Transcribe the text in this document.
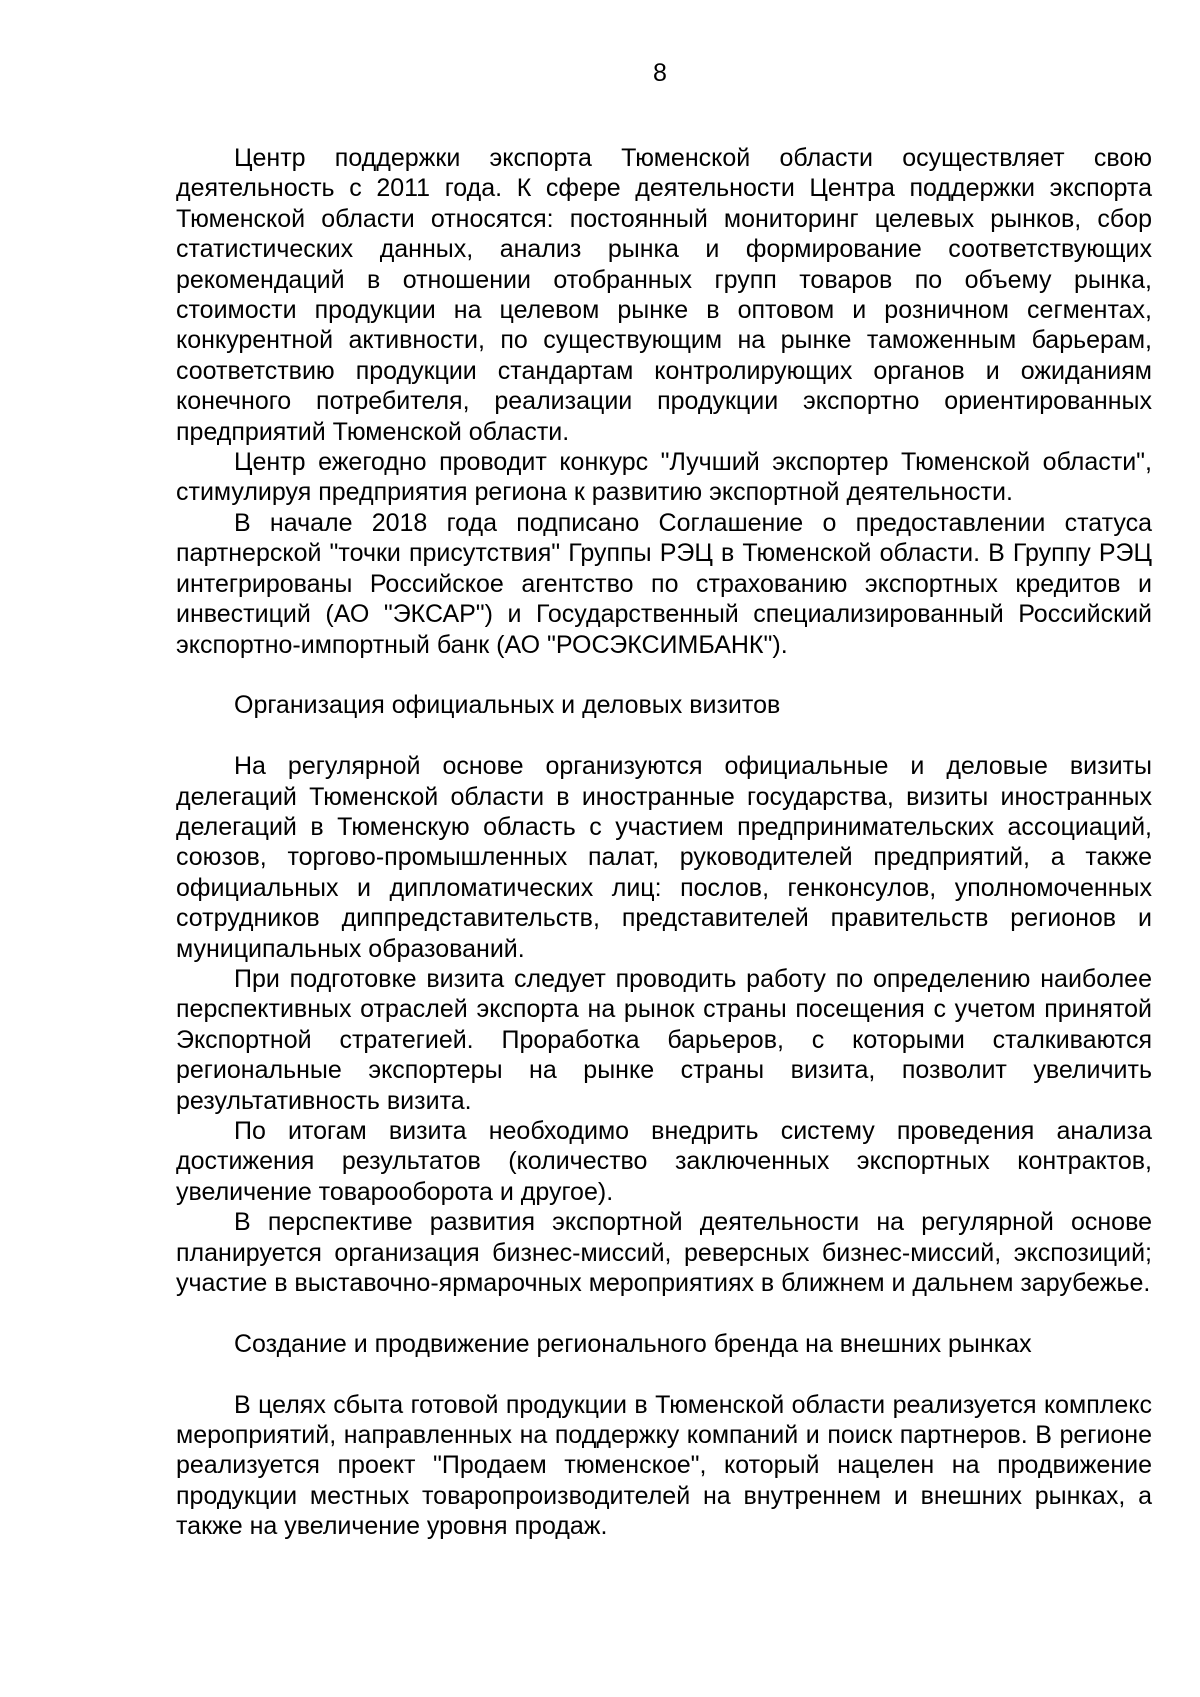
8

Центр поддержки экспорта Тюменской области осуществляет свою деятельность с 2011 года. К сфере деятельности Центра поддержки экспорта Тюменской области относятся: постоянный мониторинг целевых рынков, сбор статистических данных, анализ рынка и формирование соответствующих рекомендаций в отношении отобранных групп товаров по объему рынка, стоимости продукции на целевом рынке в оптовом и розничном сегментах, конкурентной активности, по существующим на рынке таможенным барьерам, соответствию продукции стандартам контролирующих органов и ожиданиям конечного потребителя, реализации продукции экспортно ориентированных предприятий Тюменской области.

Центр ежегодно проводит конкурс "Лучший экспортер Тюменской области", стимулируя предприятия региона к развитию экспортной деятельности.

В начале 2018 года подписано Соглашение о предоставлении статуса партнерской "точки присутствия" Группы РЭЦ в Тюменской области. В Группу РЭЦ интегрированы Российское агентство по страхованию экспортных кредитов и инвестиций (АО "ЭКСАР") и Государственный специализированный Российский экспортно-импортный банк (АО "РОСЭКСИМБАНК").

Организация официальных и деловых визитов

На регулярной основе организуются официальные и деловые визиты делегаций Тюменской области в иностранные государства, визиты иностранных делегаций в Тюменскую область с участием предпринимательских ассоциаций, союзов, торгово-промышленных палат, руководителей предприятий, а также официальных и дипломатических лиц: послов, генконсулов, уполномоченных сотрудников диппредставительств, представителей правительств регионов и муниципальных образований.

При подготовке визита следует проводить работу по определению наиболее перспективных отраслей экспорта на рынок страны посещения с учетом принятой Экспортной стратегией. Проработка барьеров, с которыми сталкиваются региональные экспортеры на рынке страны визита, позволит увеличить результативность визита.

По итогам визита необходимо внедрить систему проведения анализа достижения результатов (количество заключенных экспортных контрактов, увеличение товарооборота и другое).

В перспективе развития экспортной деятельности на регулярной основе планируется организация бизнес-миссий, реверсных бизнес-миссий, экспозиций; участие в выставочно-ярмарочных мероприятиях в ближнем и дальнем зарубежье.

Создание и продвижение регионального бренда на внешних рынках

В целях сбыта готовой продукции в Тюменской области реализуется комплекс мероприятий, направленных на поддержку компаний и поиск партнеров. В регионе реализуется проект "Продаем тюменское", который нацелен на продвижение продукции местных товаропроизводителей на внутреннем и внешних рынках, а также на увеличение уровня продаж.
